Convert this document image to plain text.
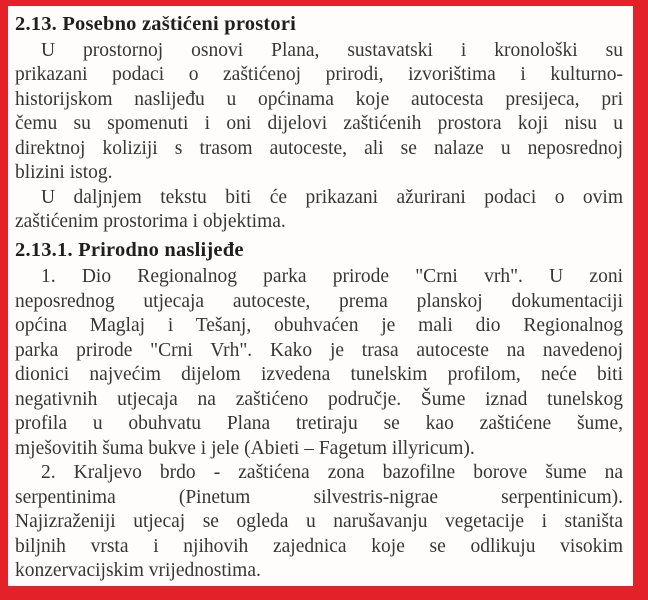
2.13. Posebno zaštićeni prostori
U prostornoj osnovi Plana, sustavatski i kronološki su
prikazani podaci o zaštićenoj prirodi, izvorištima i kulturno-
historijskom naslijeđu u općinama koje autocesta presijeca, pri
čemu su spomenuti i oni dijelovi zaštićenih prostora koji nisu u
direktnoj koliziji s trasom autoceste, ali se nalaze u neposrednoj
blizini istog.
U daljnjem tekstu biti će prikazani ažurirani podaci o ovim
zaštićenim prostorima i objektima.
2.13.1. Prirodno naslijeđe
1. Dio Regionalnog parka prirode "Crni vrh". U zoni
neposrednog utjecaja autoceste, prema planskoj dokumentaciji
općina Maglaj i Tešanj, obuhvaćen je mali dio Regionalnog
parka prirode "Crni Vrh". Kako je trasa autoceste na navedenoj
dionici najvećim dijelom izvedena tunelskim profilom, neće biti
negativnih utjecaja na zaštićeno područje. Šume iznad tunelskog
profila u obuhvatu Plana tretiraju se kao zaštićene šume,
mješovitih šuma bukve i jele (Abieti – Fagetum illyricum).
2. Kraljevo brdo - zaštićena zona bazofilne borove šume na
serpentinima (Pinetum silvestris-nigrae serpentinicum).
Najizraženiji utjecaj se ogleda u narušavanju vegetacije i staništa
biljnih vrsta i njihovih zajednica koje se odlikuju visokim
konzervacijskim vrijednostima.
